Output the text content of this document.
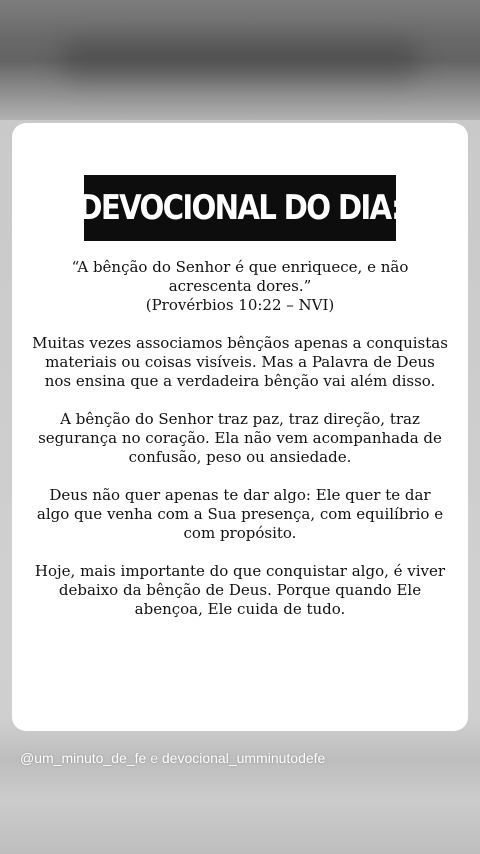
DEVOCIONAL DO DIA:

“A bênção do Senhor é que enriquece, e não acrescenta dores.”
(Provérbios 10:22 – NVI)

Muitas vezes associamos bênçãos apenas a conquistas materiais ou coisas visíveis. Mas a Palavra de Deus nos ensina que a verdadeira bênção vai além disso.

A bênção do Senhor traz paz, traz direção, traz segurança no coração. Ela não vem acompanhada de confusão, peso ou ansiedade.

Deus não quer apenas te dar algo: Ele quer te dar algo que venha com a Sua presença, com equilíbrio e com propósito.

Hoje, mais importante do que conquistar algo, é viver debaixo da bênção de Deus. Porque quando Ele abençoa, Ele cuida de tudo.

@um_minuto_de_fe e devocional_umminutodefe
